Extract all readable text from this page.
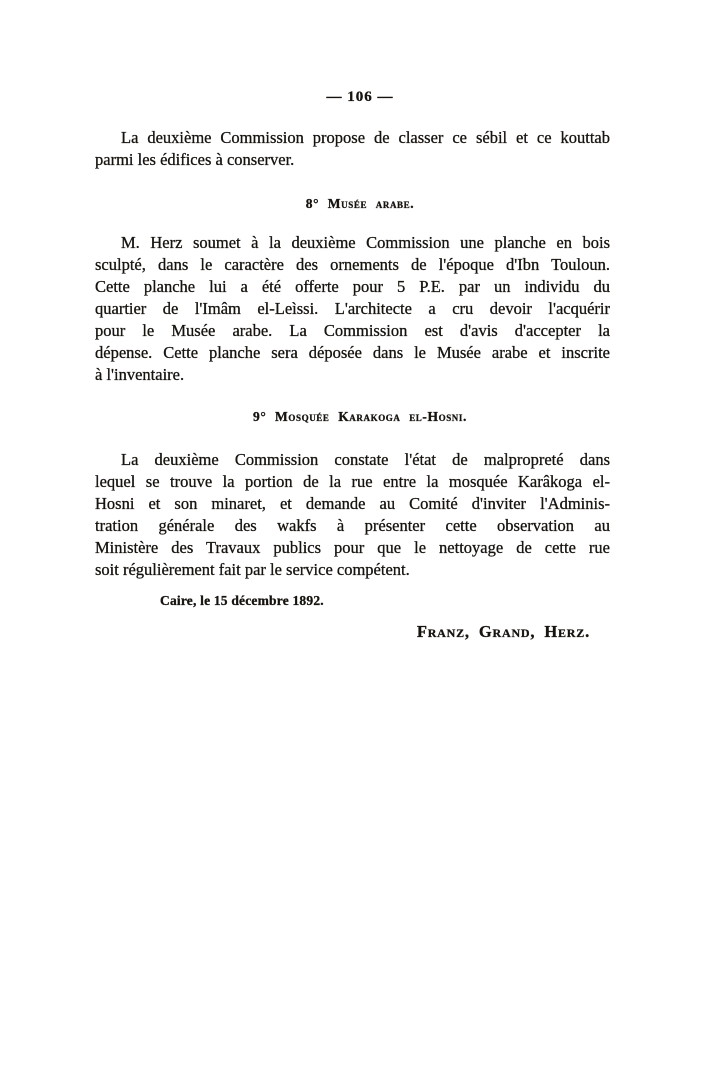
— 106 —
La deuxième Commission propose de classer ce sébil et ce kouttab
parmi les édifices à conserver.
8° Musée arabe.
M. Herz soumet à la deuxième Commission une planche en bois
sculpté, dans le caractère des ornements de l'époque d'Ibn Touloun.
Cette planche lui a été offerte pour 5 P.E. par un individu du
quartier de l'Imâm el-Leìssi. L'architecte a cru devoir l'acquérir
pour le Musée arabe. La Commission est d'avis d'accepter la
dépense. Cette planche sera déposée dans le Musée arabe et inscrite
à l'inventaire.
9° Mosquée Karakoga el-Hosni.
La deuxième Commission constate l'état de malpropreté dans
lequel se trouve la portion de la rue entre la mosquée Karâkoga el-
Hosni et son minaret, et demande au Comité d'inviter l'Adminis-
tration générale des wakfs à présenter cette observation au
Ministère des Travaux publics pour que le nettoyage de cette rue
soit régulièrement fait par le service compétent.
Caire, le 15 décembre 1892.
Franz, Grand, Herz.
